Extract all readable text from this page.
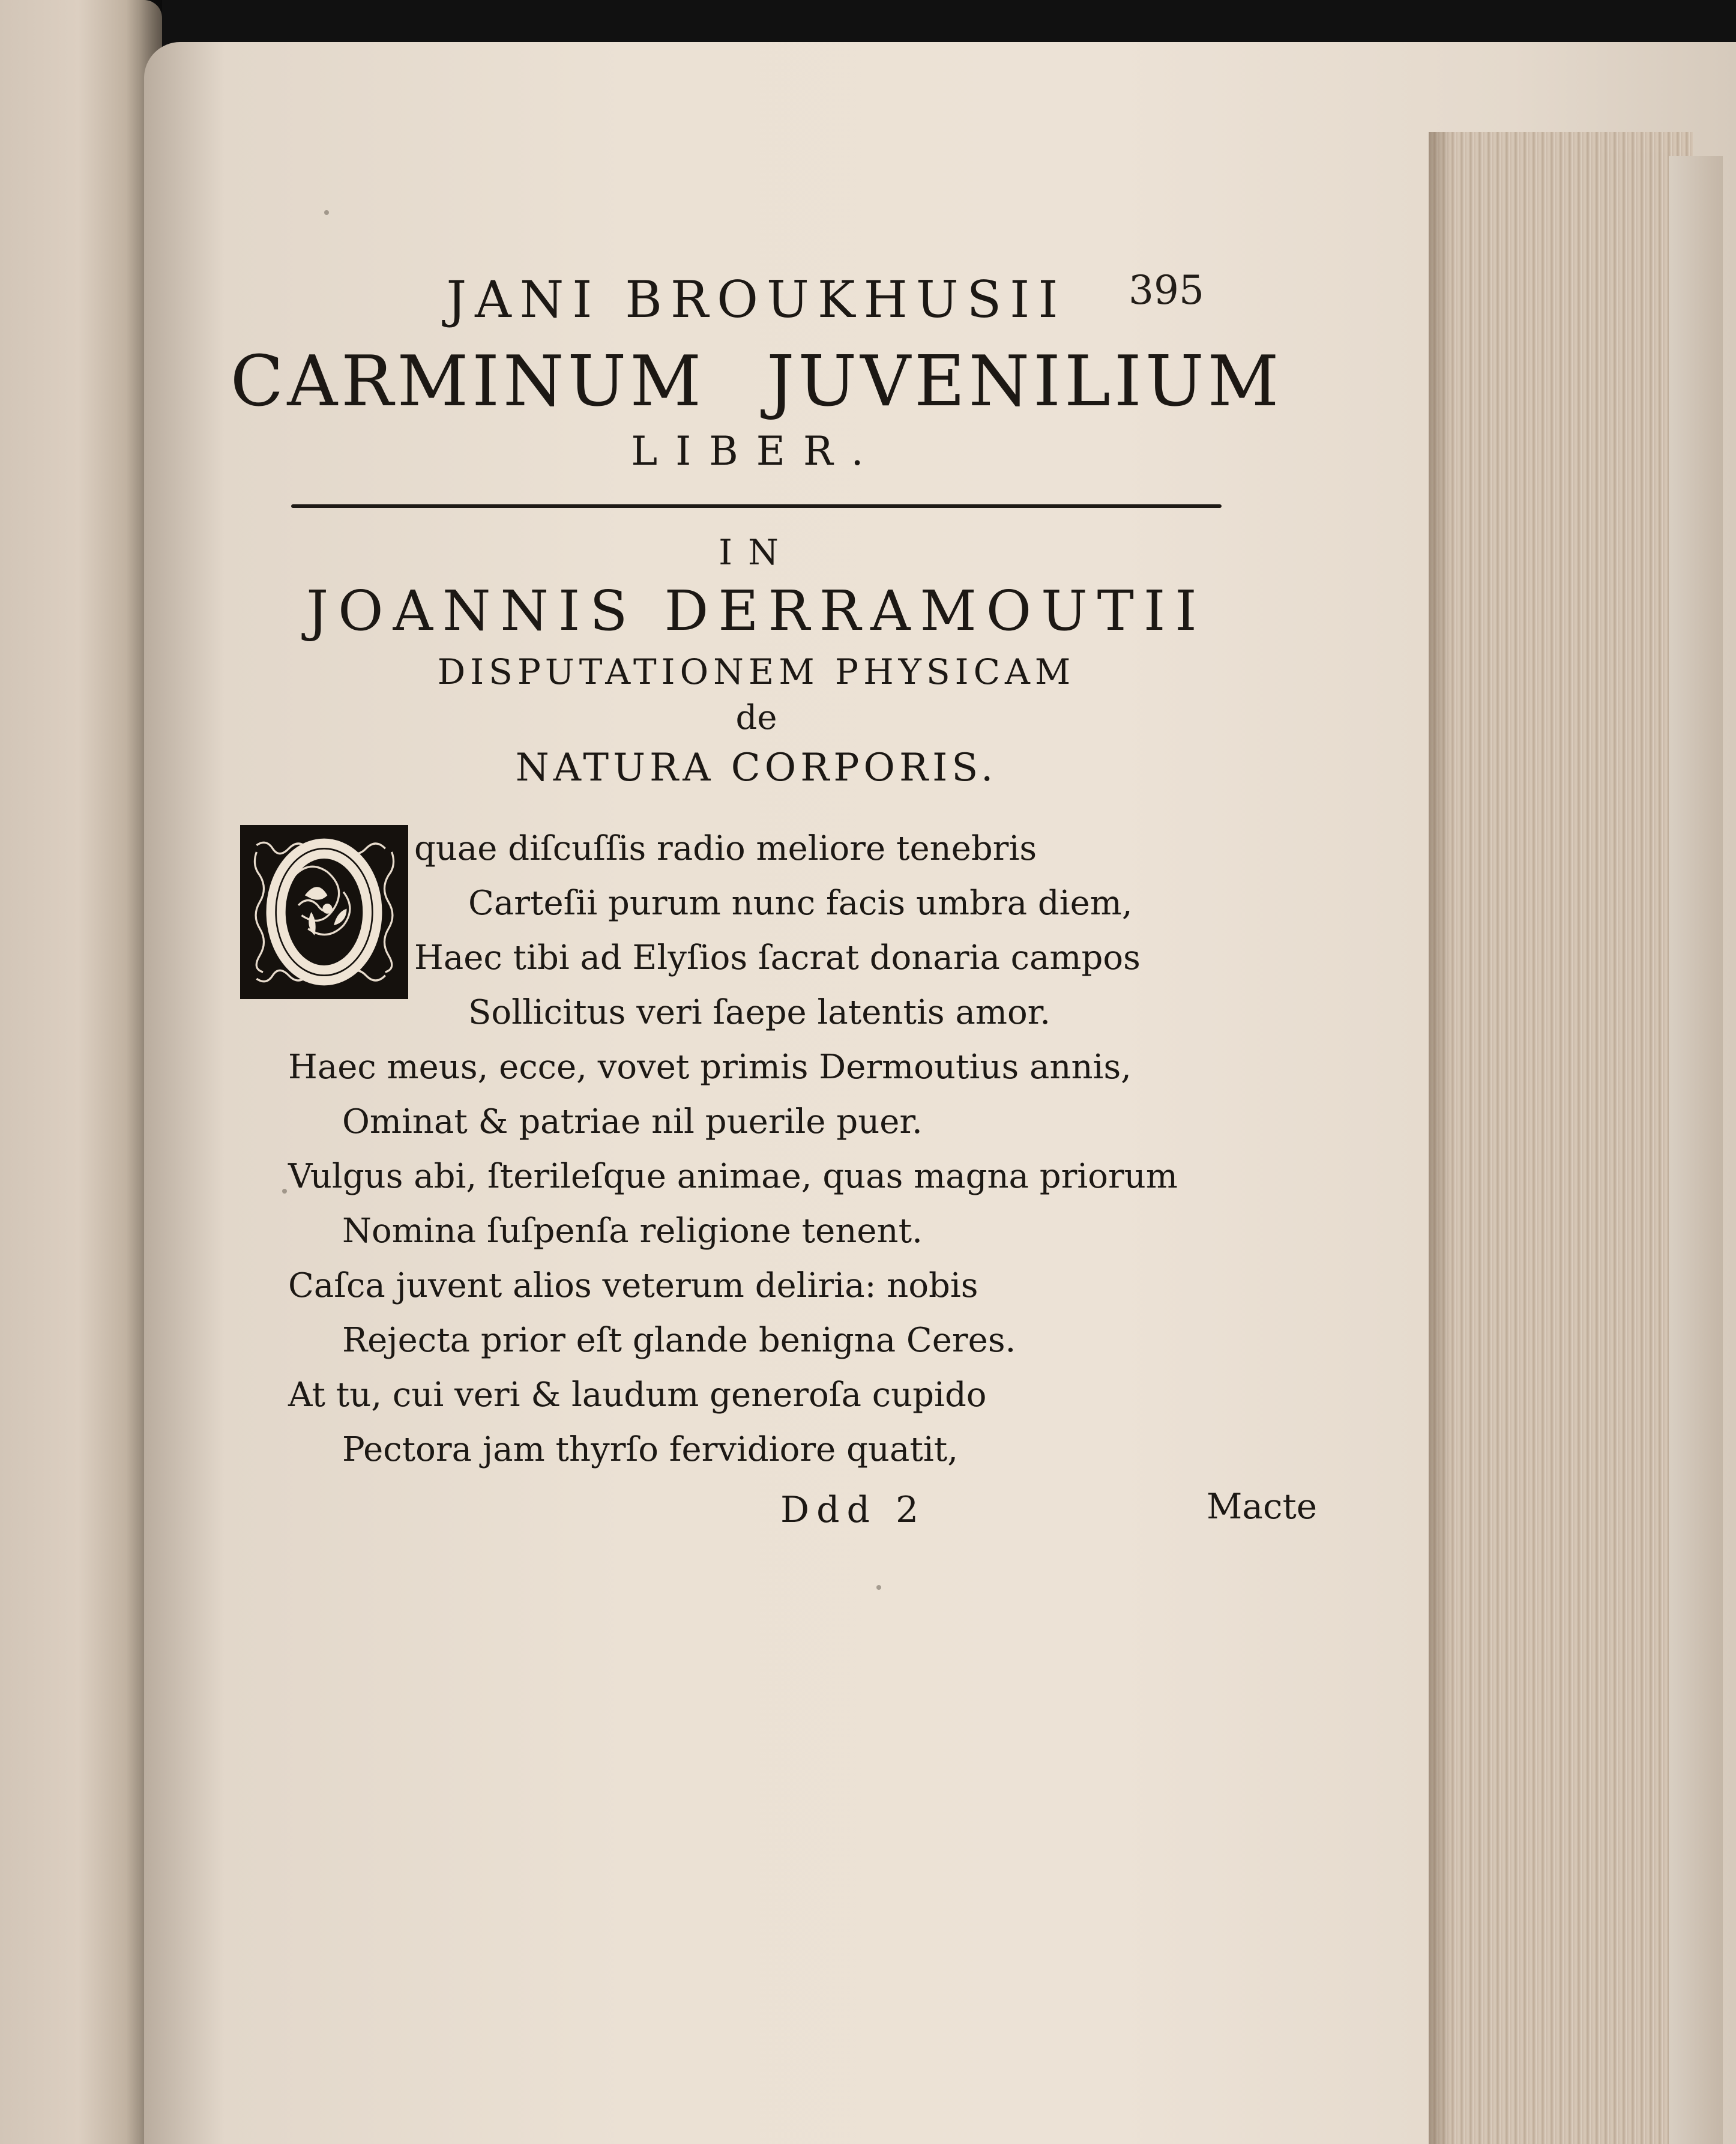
395
JANI BROUKHUSII
CARMINUM JUVENILIUM
LIBER.
IN
JOANNIS DERRAMOUTII
DISPUTATIONEM PHYSICAM
de
NATURA CORPORIS.
quae diſcuſſis radio meliore tenebris
Carteſii purum nunc facis umbra diem,
Haec tibi ad Elyſios ſacrat donaria campos
Sollicitus veri ſaepe latentis amor.
Haec meus, ecce, vovet primis Dermoutius annis,
Ominat & patriae nil puerile puer.
Vulgus abi, ſterileſque animae, quas magna priorum
Nomina ſuſpenſa religione tenent.
Caſca juvent alios veterum deliria: nobis
Rejecta prior eſt glande benigna Ceres.
At tu, cui veri & laudum generoſa cupido
Pectora jam thyrſo fervidiore quatit,
Ddd 2	Macte
